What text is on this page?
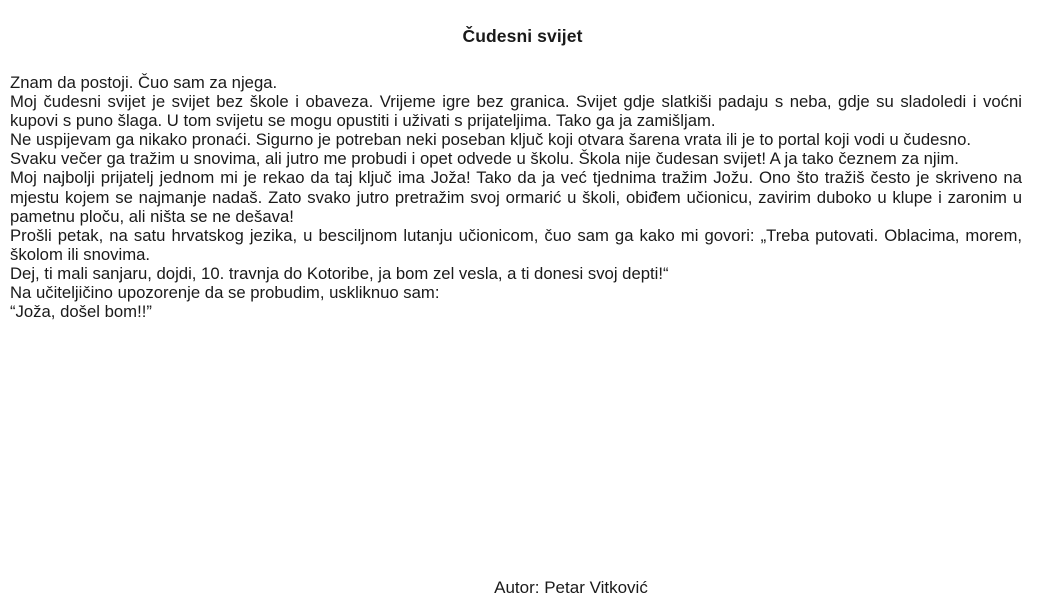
Čudesni svijet

Znam da postoji. Čuo sam za njega.

Moj čudesni svijet je svijet bez škole i obaveza. Vrijeme igre bez granica. Svijet gdje slatkiši padaju s neba, gdje su sladoledi i voćni kupovi s puno šlaga. U tom svijetu se mogu opustiti i uživati s prijateljima. Tako ga ja zamišljam.

Ne uspijevam ga nikako pronaći. Sigurno je potreban neki poseban ključ koji otvara šarena vrata ili je to portal koji vodi u čudesno.

Svaku večer ga tražim u snovima, ali jutro me probudi i opet odvede u školu. Škola nije čudesan svijet! A ja tako čeznem za njim.

Moj najbolji prijatelj jednom mi je rekao da taj ključ ima Joža! Tako da ja već tjednima tražim Jožu. Ono što tražiš često je skriveno na mjestu kojem se najmanje nadaš. Zato svako jutro pretražim svoj ormarić u školi, obiđem učionicu, zavirim duboko u klupe i zaronim u pametnu ploču, ali ništa se ne dešava!

Prošli petak, na satu hrvatskog jezika, u besciljnom lutanju učionicom, čuo sam ga kako mi govori: „Treba putovati. Oblacima, morem, školom ili snovima.

Dej, ti mali sanjaru, dojdi, 10. travnja do Kotoribe, ja bom zel vesla, a ti donesi svoj depti!“

Na učiteljičino upozorenje da se probudim, uskliknuo sam:

“Joža, došel bom!!”

Autor: Petar Vitković
